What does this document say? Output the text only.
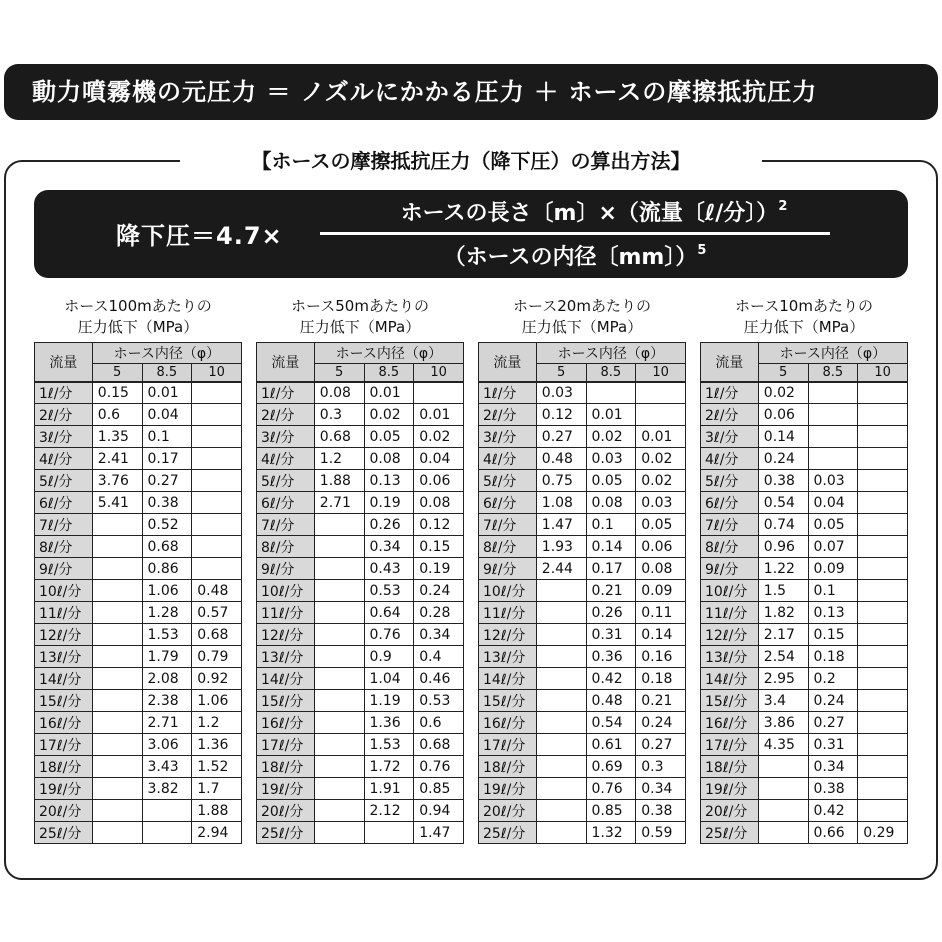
動力噴霧機の元圧力 ＝ ノズルにかかる圧力 ＋ ホースの摩擦抵抗圧力
【ホースの摩擦抵抗圧力（降下圧）の算出方法】
降下圧＝4.7×
ホースの長さ〔m〕×（流量〔ℓ/分〕）$^2$
（ホースの内径〔mm〕）$^5$
ホース100mあたりの
圧力低下（MPa）
流量	ホース内径（φ）		
	5	8.5	10
1ℓ/分	0.15	0.01	
2ℓ/分	0.6	0.04	
3ℓ/分	1.35	0.1	
4ℓ/分	2.41	0.17	
5ℓ/分	3.76	0.27	
6ℓ/分	5.41	0.38	
7ℓ/分		0.52	
8ℓ/分		0.68	
9ℓ/分		0.86	
10ℓ/分		1.06	0.48
11ℓ/分		1.28	0.57
12ℓ/分		1.53	0.68
13ℓ/分		1.79	0.79
14ℓ/分		2.08	0.92
15ℓ/分		2.38	1.06
16ℓ/分		2.71	1.2
17ℓ/分		3.06	1.36
18ℓ/分		3.43	1.52
19ℓ/分		3.82	1.7
20ℓ/分			1.88
25ℓ/分			2.94
ホース50mあたりの
圧力低下（MPa）
流量	ホース内径（φ）		
	5	8.5	10
1ℓ/分	0.08	0.01	
2ℓ/分	0.3	0.02	0.01
3ℓ/分	0.68	0.05	0.02
4ℓ/分	1.2	0.08	0.04
5ℓ/分	1.88	0.13	0.06
6ℓ/分	2.71	0.19	0.08
7ℓ/分		0.26	0.12
8ℓ/分		0.34	0.15
9ℓ/分		0.43	0.19
10ℓ/分		0.53	0.24
11ℓ/分		0.64	0.28
12ℓ/分		0.76	0.34
13ℓ/分		0.9	0.4
14ℓ/分		1.04	0.46
15ℓ/分		1.19	0.53
16ℓ/分		1.36	0.6
17ℓ/分		1.53	0.68
18ℓ/分		1.72	0.76
19ℓ/分		1.91	0.85
20ℓ/分		2.12	0.94
25ℓ/分			1.47
ホース20mあたりの
圧力低下（MPa）
流量	ホース内径（φ）		
	5	8.5	10
1ℓ/分	0.03		
2ℓ/分	0.12	0.01	
3ℓ/分	0.27	0.02	0.01
4ℓ/分	0.48	0.03	0.02
5ℓ/分	0.75	0.05	0.02
6ℓ/分	1.08	0.08	0.03
7ℓ/分	1.47	0.1	0.05
8ℓ/分	1.93	0.14	0.06
9ℓ/分	2.44	0.17	0.08
10ℓ/分		0.21	0.09
11ℓ/分		0.26	0.11
12ℓ/分		0.31	0.14
13ℓ/分		0.36	0.16
14ℓ/分		0.42	0.18
15ℓ/分		0.48	0.21
16ℓ/分		0.54	0.24
17ℓ/分		0.61	0.27
18ℓ/分		0.69	0.3
19ℓ/分		0.76	0.34
20ℓ/分		0.85	0.38
25ℓ/分		1.32	0.59
ホース10mあたりの
圧力低下（MPa）
流量	ホース内径（φ）		
	5	8.5	10
1ℓ/分	0.02		
2ℓ/分	0.06		
3ℓ/分	0.14		
4ℓ/分	0.24		
5ℓ/分	0.38	0.03	
6ℓ/分	0.54	0.04	
7ℓ/分	0.74	0.05	
8ℓ/分	0.96	0.07	
9ℓ/分	1.22	0.09	
10ℓ/分	1.5	0.1	
11ℓ/分	1.82	0.13	
12ℓ/分	2.17	0.15	
13ℓ/分	2.54	0.18	
14ℓ/分	2.95	0.2	
15ℓ/分	3.4	0.24	
16ℓ/分	3.86	0.27	
17ℓ/分	4.35	0.31	
18ℓ/分		0.34	
19ℓ/分		0.38	
20ℓ/分		0.42	
25ℓ/分		0.66	0.29
